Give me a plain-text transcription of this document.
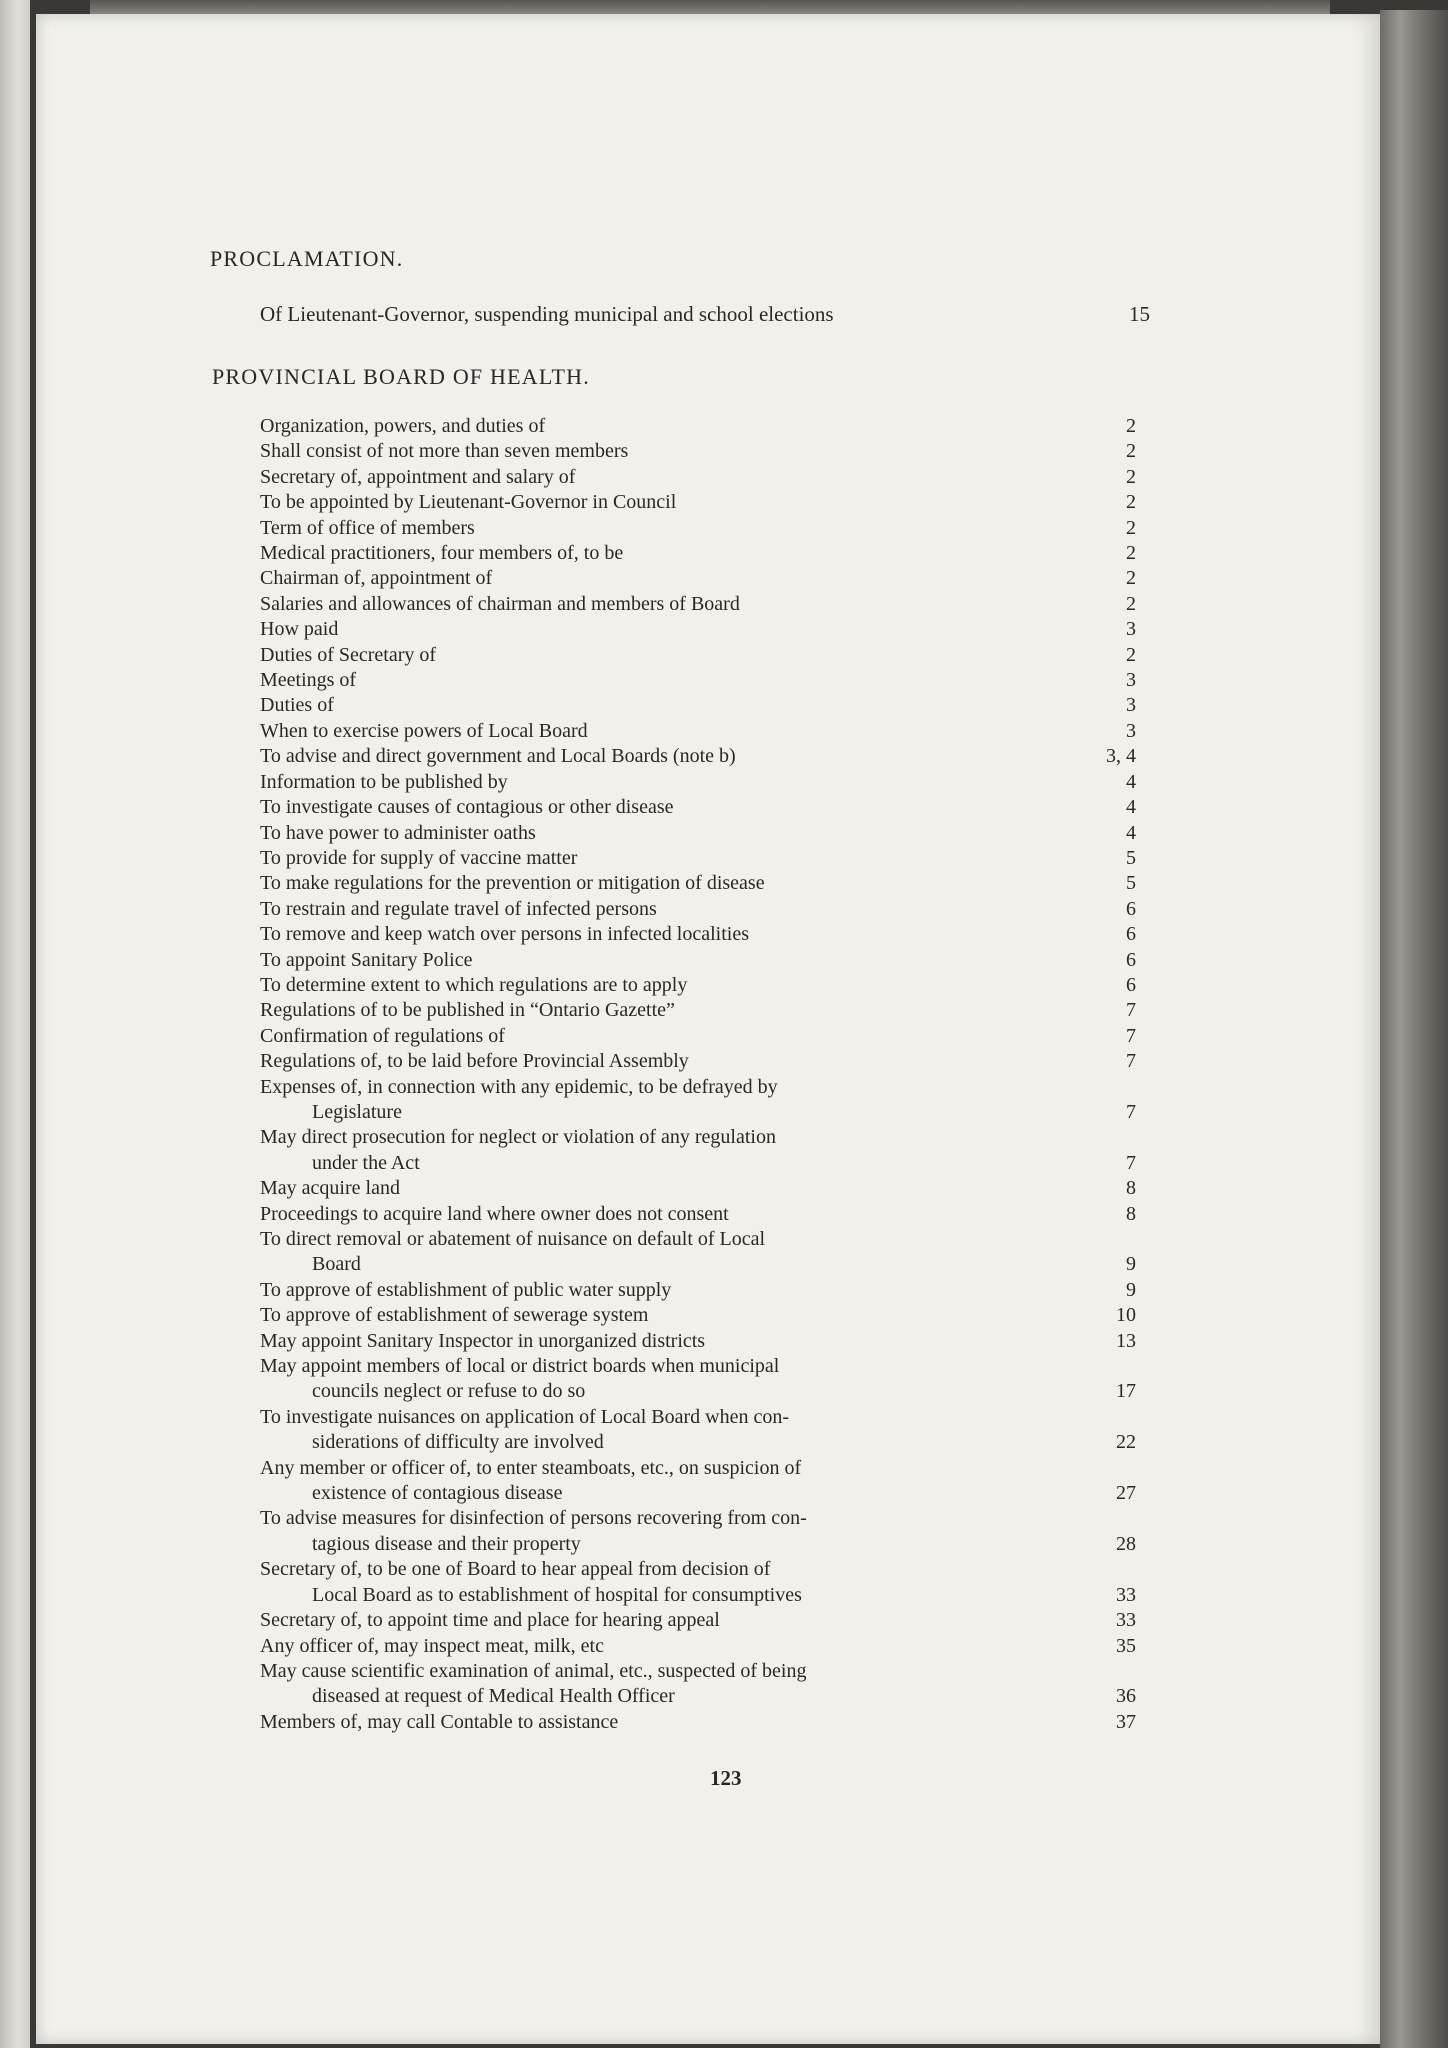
PROCLAMATION.
Of Lieutenant-Governor, suspending municipal and school elections	15
PROVINCIAL BOARD OF HEALTH.
Organization, powers, and duties of	2
Shall consist of not more than seven members	2
Secretary of, appointment and salary of	2
To be appointed by Lieutenant-Governor in Council	2
Term of office of members	2
Medical practitioners, four members of, to be	2
Chairman of, appointment of	2
Salaries and allowances of chairman and members of Board	2
How paid	3
Duties of Secretary of	2
Meetings of	3
Duties of	3
When to exercise powers of Local Board	3
To advise and direct government and Local Boards (note b)	3, 4
Information to be published by	4
To investigate causes of contagious or other disease	4
To have power to administer oaths	4
To provide for supply of vaccine matter	5
To make regulations for the prevention or mitigation of disease	5
To restrain and regulate travel of infected persons	6
To remove and keep watch over persons in infected localities	6
To appoint Sanitary Police	6
To determine extent to which regulations are to apply	6
Regulations of to be published in “Ontario Gazette”	7
Confirmation of regulations of	7
Regulations of, to be laid before Provincial Assembly	7
Expenses of, in connection with any epidemic, to be defrayed by
Legislature	7
May direct prosecution for neglect or violation of any regulation
under the Act	7
May acquire land	8
Proceedings to acquire land where owner does not consent	8
To direct removal or abatement of nuisance on default of Local
Board	9
To approve of establishment of public water supply	9
To approve of establishment of sewerage system	10
May appoint Sanitary Inspector in unorganized districts	13
May appoint members of local or district boards when municipal
councils neglect or refuse to do so	17
To investigate nuisances on application of Local Board when con-
siderations of difficulty are involved	22
Any member or officer of, to enter steamboats, etc., on suspicion of
existence of contagious disease	27
To advise measures for disinfection of persons recovering from con-
tagious disease and their property	28
Secretary of, to be one of Board to hear appeal from decision of
Local Board as to establishment of hospital for consumptives	33
Secretary of, to appoint time and place for hearing appeal	33
Any officer of, may inspect meat, milk, etc	35
May cause scientific examination of animal, etc., suspected of being
diseased at request of Medical Health Officer	36
Members of, may call Contable to assistance	37
123
